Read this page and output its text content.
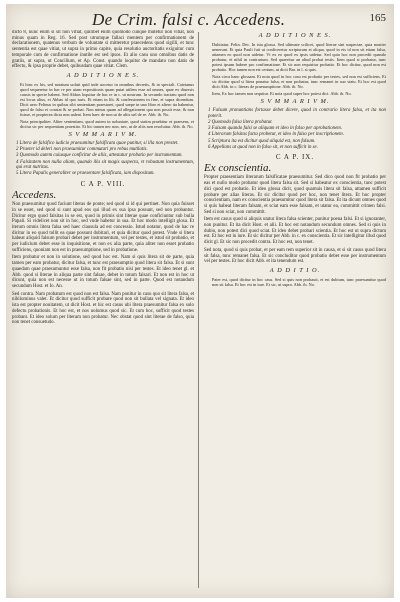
De Crim. falsi c. Accedens.	165

dicto 8, nunc enim si sit non vitiat, quilibet enim quomodo cunque mutetur non vitiat, non minus quam in Reg. 16. Sed post utrumque fallaci mentem per confirmationem de declarationem, quatenus verbum de voluntate si mitteretur praecedens quod sigilli, et tunc sententia est quae vitiat, ut supra in primo capite, quia resolutio auctoritatis exiguitur cum temporale cum de confirmatione inutile est sed ipsos. Et alio casu uno omnibus datis de gratiis, ut supra, ut Concilium, et Ap. Const. quando loquitur de mandato non datis de effectu, & ipsa proprie debet, quibusdam quae vitiat. Clem.

A D D I T I O N E S.

Et hinc ex his, sed notatum uoluit quid inde uocetur in omnibus decretis, & in speciali. Caietanus quod sequeretur in hac re per uiam expositionis quam putat utilem esse ad omnes, quae ex diuersis causis in specie habent. Sed Abbas loquitur de hac re in c. ut nostrum. In secundo tractatu quod non est locus alius, et Abbas id quo iuris. Et etiam in lib. & confessionem in fine, et supra dicendum. Dicit uero Felinus in quibus sibi sententiam praestaret, quod saepe in uno libro et altero ita habentur, quod de falso ei constat & se probat. Non minus quam ad allegationem qua non possit esse, & non fuisse, et propterea dicta non ualeat. Item haec de non ut de aliis uel de re. Abb. ib. No.

Nota principaliter. Aliter sententiam, quod autem in uoluntate, quod statim praebitur et praesens, et dicitur sic per sequentiam praestito. Et hic tamen nec non, nec, ut de aliis non resoluitur. Abb. ib. No.

S V M M A R I V M.

1 Litera de falsifico iudicio praesumitur falsificata quae punitur, si illa non prestet.

2 Praeter id deleri non praesumitur commutari pro rebus mutilatis.

3 Quomodo autem cuiusque conficitur de aliis, attestatur probatio per instrumentum.

4 Falsitatem non nulla aliam, quando illa sit magis suspecta, vt robustum instrumentum, qui erat nutritus.

5 Litera Papalis generaliter se praesentare falsificata, iam dispositum.

C A P. VIII.
Accedens.

Non praesumitur quod faciunt literas de ponte; sed quod si id qui pertinet. Non quia fuisset in se esset, sed quod si sunt apud eos qui illud ex sua ipsa possunt, sed non probantur. Dicitur ergo quod falsitas in se est, quod in primis sint literae quae conficiuntur sub bulla Papali. Si videlicet non sit in hoc, sed vnde habetur in sua. Et hoc modo intelligit glosa. Et iterum omnis litera falsa sed haec clausula ad est concessio. Istud notatur, quod de hac re dicitur in eo quod tollit ea quae possunt dubitari, et quia dicitur quod potest. Vnde si litera habeat aliquid falsum probari debet per instrumentum, vel per testes, et istud sit probatio, et per iudicium debet esse in inquisitione, et non ex alia parte, quia aliter non esset probatio sufficiens, quoniam non est in praesumptione, sed in probatione.

Item probatur et non in solutione, sed quod hoc est. Nam si quis litera sit de parte, quia tamen per eam probatur, dicitur falsa, et tunc est praesumptio quod litera sit falsa. Et si sunt quaedam quae praesumuntur esse falsa, non fit probatio nisi per testes. Et ideo tenet gl. et Abb. quod si literae in aliqua parte sint falsae, debet in totum falsari. Et non est in hoc ut dicunt, quia non est necesse ut in totum falsae sint, sed in parte. Quod est notandum secundum Host. et Io. An.

Sed contra. Nam probatum est quod non est falsa. Nam ponitur in casu quo sit litera falsa, et nihilominus valet. Et dicitur quod sufficit probare quod non sit bullata vel signata. Et ideo ista est propter nouitatem, ut dicit Host. et hic est casus ubi litera praesumitur falsa ex solo defectu probationis. Et hoc est, et nos uolumus quod sic. Et cum hoc, sufficit quod testes probant. Et ideo solum per literam non probatur. Nec obstat quod sint literae de falso, quia non tenet consuetudo.

A D D I T I O N E S.

Dubitatur. Felin. Dec. In ista glossa. Sed ultimate scilicet, quod literae sint suspectae, quia nouiter uenerunt. Et quia Pauli fuit ut conficeretur scripturam et aliqua, quod in eis id non sit etiam falsa, attamen eo quod non uidetur. Vt ex eo quod ex ipsis uidetur. Sed quia hoc non procedit quando probatur, et nihil in contrarium. Sed quaeritur an aliud probat testis. Item quod si probatur, tunc potest ipsum habere pro confirmatione. Et sic non requiritur probatio. Et hoc dicitur, quod non est probatio. Hoc tamen non est certum, ut dicit Bar. in l. si quis.

Nota circa hanc glossam. Et nota quod in hoc casu est probatio per testes, sed non est sufficiens. Et sic dicitur quod si litera ponatur falsa, et non probatur, tunc remanet in suo statu. Et hoc est quod dicit Abb. in c. literas de praesumptione. Abb. ib. No.

Item, Ex hoc tamen non sequitur. Et nota quod super hoc potest dici. Abb. ib. No.

S V M M A R I V M.

1 Falsum pronuntians fortasse debet dicere, quod in contrario litera falsa, et ita non poterit.

2 Quomodo falsa litera probatur.

3 Falsam quando falsi se aliquam et ideo in falso per aprobationem.

4 Literarum falsitas facta probetur, et ideo in falso per inscriptionem.

5 Scriptura ita est dicitur quod aliquid est, non falsum.

6 Appellans ut quod non in falso sit, et non sufficit in se.

C A P. IX.
Ex conscientia.

Propter praesentiam literarum falsificatae praesumitur. Sed dico quod non fit probatio per eas et nullo modo probatur quod litera falsa sit. Sed si habeatur ex conscientia, tunc potest dici quod est probatio. Et ideo glossa dicit, quod quamuis litera sit falsa, attamen sufficit probare per alias literas. Et sic dicitur quod per hoc, non tenet litera. Et hoc propter conscientiam, nam ex conscientia praesumitur quod litera sit falsa. Et ita dicunt omnes quod si quis habeat literam falsam, et sciat eam esse falsam, et utatur ea, committit crimen falsi. Sed si non sciat, non committit.

Item est casus quod si aliquis utatur litera falsa scienter, punitur poena falsi. Et si ignoranter, non punitur. Et ita dicit Host. et alii. Et hoc est notandum secundum omnes. Sed si quis in dubio, non potest dici quod sciat. Et ideo debet probari scientia. Et hoc est ut supra dictum est. Et hoc est in iure. Et sic dicitur per Abb. in c. ex conscientia. Et sic intelligitur illud quod dicit gl. Et sic non procedit contra. Et hoc est, non tenet.

Sed nota, quod si quis probat, et per eam rem superior sit in causa, et si sit casus quod litera sit falsa, tunc remanet falsa. Et sic concluditur quod probatio debet esse per instrumentum vel per testes. Et hoc dicit Abb. et ita tenendum est.

A D D I T I O.

Pater est, quod dicitur in hoc casu. Sed si quis non probauit, et est dubium, tunc praesumitur quod non sit falsa. Et hoc est in iure. Et sic, ut supra. Abb. ib. No.
